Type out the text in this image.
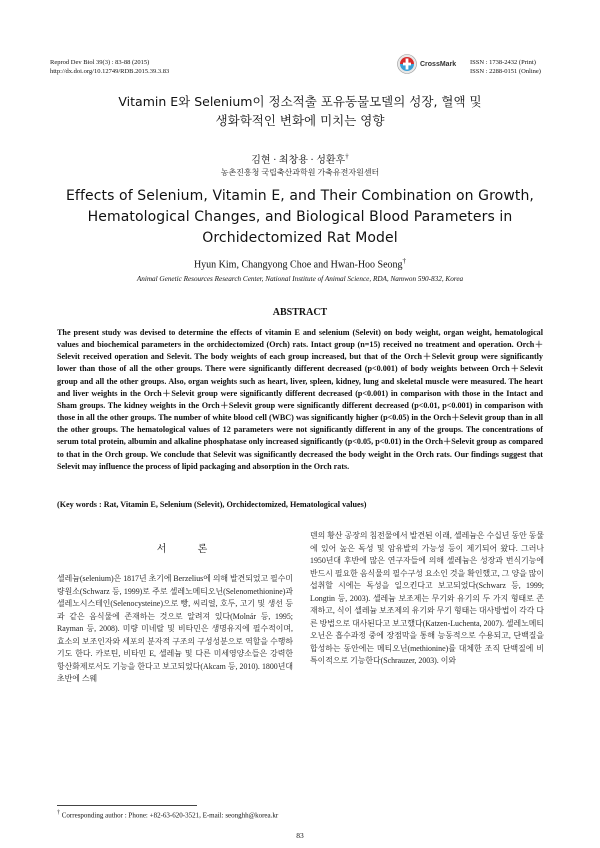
Reprod Dev Biol 39(3) : 83-88 (2015)
http://dx.doi.org/10.12749/RDB.2015.39.3.83
CrossMark ISSN : 1738-2432 (Print)
ISSN : 2288-0151 (Online)
Vitamin E와 Selenium이 정소적출 포유동물모델의 성장, 혈액 및
생화학적인 변화에 미치는 영향
김현 · 최창용 · 성환후†
농촌진흥청 국립축산과학원 가축유전자원센터
Effects of Selenium, Vitamin E, and Their Combination on Growth,
Hematological Changes, and Biological Blood Parameters in
Orchidectomized Rat Model
Hyun Kim, Changyong Choe and Hwan-Hoo Seong†
Animal Genetic Resources Research Center, National Institute of Animal Science, RDA, Namwon 590-832, Korea
ABSTRACT
The present study was devised to determine the effects of vitamin E and selenium (Selevit) on body weight, organ weight, hematological values and biochemical parameters in the orchidectomized (Orch) rats. Intact group (n=15) received no treatment and operation. Orch＋Selevit received operation and Selevit. The body weights of each group increased, but that of the Orch＋Selevit group were significantly lower than those of all the other groups. There were significantly different decreased (p<0.001) of body weights between Orch＋Selevit group and all the other groups. Also, organ weights such as heart, liver, spleen, kidney, lung and skeletal muscle were measured. The heart and liver weights in the Orch＋Selevit group were significantly different decreased (p<0.001) in comparison with those in the Intact and Sham groups. The kidney weights in the Orch＋Selevit group were significantly different decreased (p<0.01, p<0.001) in comparison with those in all the other groups. The number of white blood cell (WBC) was significantly higher (p<0.05) in the Orch＋Selevit group than in all the other groups. The hematological values of 12 parameters were not significantly different in any of the groups. The concentrations of serum total protein, albumin and alkaline phosphatase only increased significantly (p<0.05, p<0.01) in the Orch＋Selevit group as compared to that in the Orch group. We conclude that Selevit was significantly decreased the body weight in the Orch rats. Our findings suggest that Selevit may influence the process of lipid packaging and absorption in the Orch rats.
(Key words : Rat, Vitamin E, Selenium (Selevit), Orchidectomized, Hematological values)
서 론
셀레늄(selenium)은 1817년 초기에 Berzelius에 의해 발견되었고 필수미량원소(Schwarz 등, 1999)로 주로 셀레노메티오닌(Selenomethionine)과 셀레노시스테인(Selenocysteine)으로 빵, 씨리얼, 호두, 고기 및 생선 등과 같은 음식물에 존재하는 것으로 알려져 있다(Molnár 등, 1995; Rayman 등, 2008). 미량 미네랄 및 비타민은 생명유지에 필수적이며, 효소의 보조인자와 세포의 분자적 구조의 구성성분으로 역할을 수행하기도 한다. 카로틴, 비타민 E, 셀레늄 및 다른 미세영양소들은 강력한 항산화제로서도 기능을 한다고 보고되었다(Akcam 등, 2010). 1800년대 초반에 스웨
덴의 황산 공장의 침전물에서 발견된 이래, 셀레늄은 수십년 동안 동물에 있어 높은 독성 및 암유발의 가능성 등이 제기되어 왔다. 그러나 1950년대 후반에 많은 연구자들에 의해 셀레늄은 성장과 번식기능에 반드시 필요한 음식물의 필수구성 요소인 것을 확인했고, 그 양을 많이 섭취할 시에는 독성을 일으킨다고 보고되었다(Schwarz 등, 1999; Longtin 등, 2003). 셀레늄 보조제는 무기와 유기의 두 가지 형태로 존재하고, 식이 셀레늄 보조제의 유기와 무기 형태는 대사방법이 각각 다른 방법으로 대사된다고 보고했다(Katzen-Luchenta, 2007). 셀레노메티오닌은 흡수과정 중에 장점막을 통해 능동적으로 수용되고, 단백질을 합성하는 동안에는 메티오닌(methionine)를 대체한 조직 단백질에 비 특이적으로 기능한다(Schrauzer, 2003). 이와
† Corresponding author : Phone: +82-63-620-3521, E-mail: seonghh@korea.kr
83
